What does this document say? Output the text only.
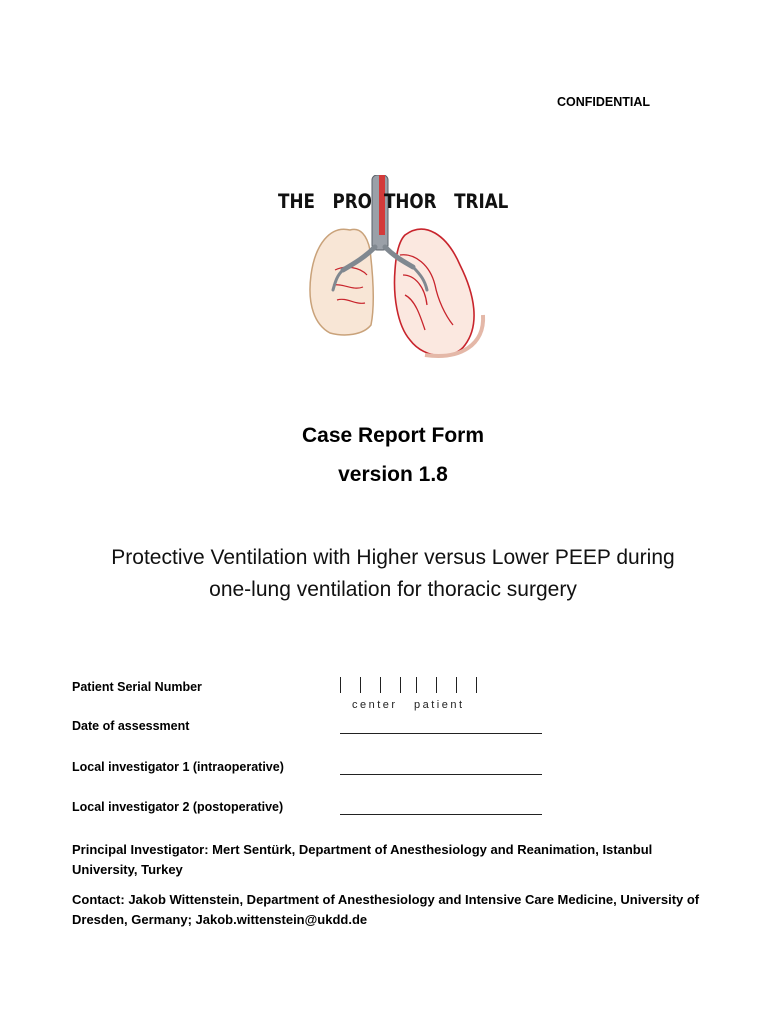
CONFIDENTIAL
THE   PRO THOR   TRIAL
Case Report Form
version 1.8
Protective Ventilation with Higher versus Lower PEEP during
one-lung ventilation for thoracic surgery
Patient Serial Number
center patient
Date of assessment
Local investigator 1 (intraoperative)
Local investigator 2 (postoperative)
Principal Investigator: Mert Sentürk, Department of Anesthesiology and Reanimation, Istanbul University, Turkey
Contact: Jakob Wittenstein, Department of Anesthesiology and Intensive Care Medicine, University of Dresden, Germany; Jakob.wittenstein@ukdd.de
